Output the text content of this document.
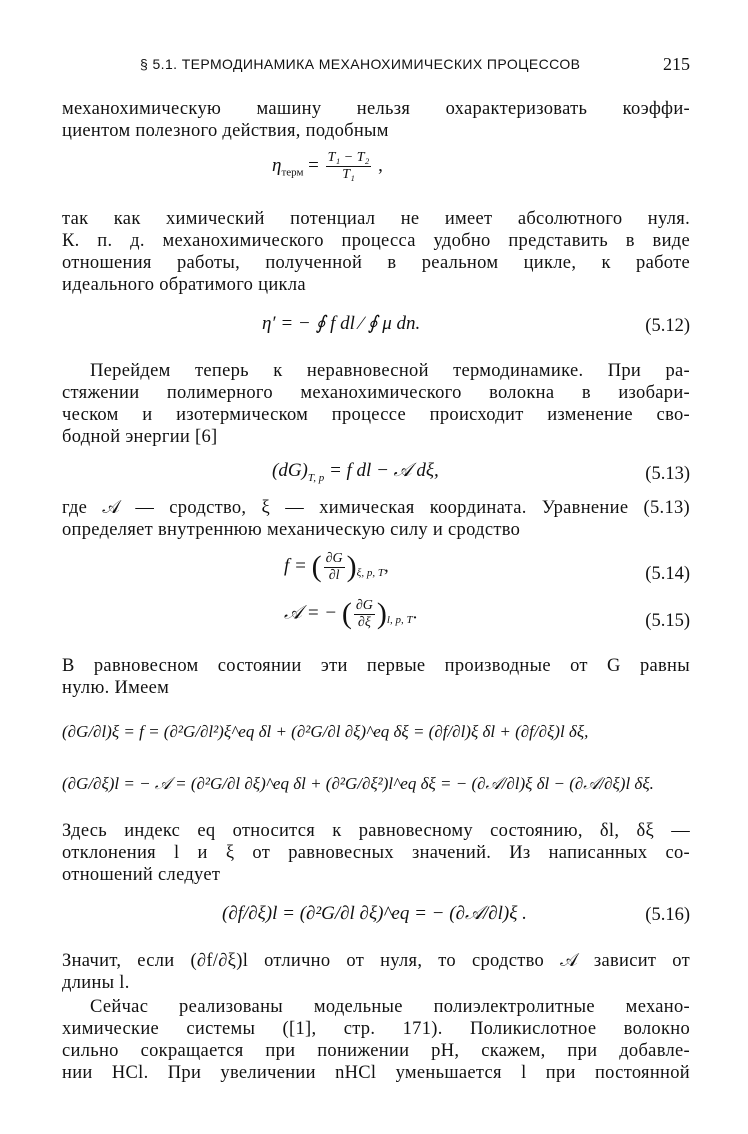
§ 5.1. ТЕРМОДИНАМИКА МЕХАНОХИМИЧЕСКИХ ПРОЦЕССОВ	215
механохимическую машину нельзя охарактеризовать коэффи-
циентом полезного действия, подобным
$\eta_{терм} = \frac{\text{T₁ − T₂}}{\text{T₁}}$ ,
так как химический потенциал не имеет абсолютного нуля.
К. п. д. механохимического процесса удобно представить в виде
отношения работы, полученной в реальном цикле, к работе
идеального обратимого цикла
η′ = − ∮ f dl ∕ ∮ μ dn.	(5.12)
Перейдем теперь к неравновесной термодинамике. При ра-
стяжении полимерного механохимического волокна в изобари-
ческом и изотермическом процессе происходит изменение сво-
бодной энергии [6]
$(dG)_{T, p} = f$ dl − 𝒜 dξ,	(5.13)
где 𝒜 — сродство, ξ — химическая координата. Уравнение (5.13)
определяет внутреннюю механическую силу и сродство
f = ( $\frac{\partial G}{\partial l} )_{\xi, p, T}$,	(5.14)
𝒜 = − ( $\frac{\partial G}{\partial\xi} )_{l, p, T}$.	(5.15)
В равновесном состоянии эти первые производные от G равны
нулю. Имеем
(∂G/∂l)ξ = f = (∂²G/∂l²)ξ^eq δl + (∂²G/∂l ∂ξ)^eq δξ = (∂f/∂l)ξ δl + (∂f/∂ξ)l δξ,
(∂G/∂ξ)l = − 𝒜 = (∂²G/∂l ∂ξ)^eq δl + (∂²G/∂ξ²)l^eq δξ = − (∂𝒜/∂l)ξ δl − (∂𝒜/∂ξ)l δξ.
Здесь индекс eq относится к равновесному состоянию, δl, δξ —
отклонения l и ξ от равновесных значений. Из написанных со-
отношений следует
(∂f/∂ξ)l = (∂²G/∂l ∂ξ)^eq = − (∂𝒜/∂l)ξ .	(5.16)
Значит, если (∂f/∂ξ)l отлично от нуля, то сродство 𝒜 зависит от
длины l.
Сейчас реализованы модельные полиэлектролитные механо-
химические системы ([1], стр. 171). Поликислотное волокно
сильно сокращается при понижении pH, скажем, при добавле-
нии HCl. При увеличении nHCl уменьшается l при постоянной
